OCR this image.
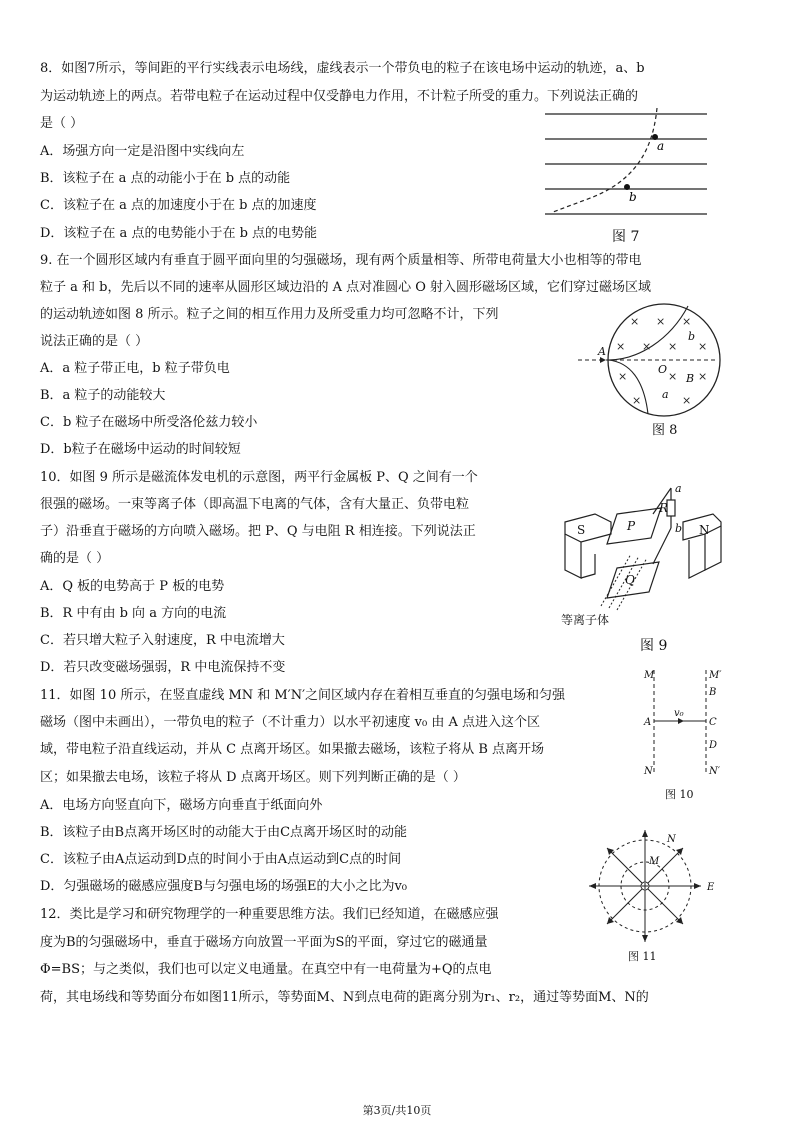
8．如图7所示，等间距的平行实线表示电场线，虚线表示一个带负电的粒子在该电场中运动的轨迹，a、b
为运动轨迹上的两点。若带电粒子在运动过程中仅受静电力作用，不计粒子所受的重力。下列说法正确的
是（ ）
A．场强方向一定是沿图中实线向左
B．该粒子在 a 点的动能小于在 b 点的动能
C．该粒子在 a 点的加速度小于在 b 点的加速度
D．该粒子在 a 点的电势能小于在 b 点的电势能
a
b
图 7
9. 在一个圆形区域内有垂直于圆平面向里的匀强磁场，现有两个质量相等、所带电荷量大小也相等的带电
粒子 a 和 b，先后以不同的速率从圆形区域边沿的 A 点对准圆心 O 射入圆形磁场区域，它们穿过磁场区域
的运动轨迹如图 8 所示。粒子之间的相互作用力及所受重力均可忽略不计，下列
说法正确的是（ ）
A．a 粒子带正电，b 粒子带负电
B．a 粒子的动能较大
C．b 粒子在磁场中所受洛伦兹力较小
D．b粒子在磁场中运动的时间较短
× × ×
× × × ×
×	× ×
×	×
A
O
B
b
a
图 8
10．如图 9 所示是磁流体发电机的示意图，两平行金属板 P、Q 之间有一个
很强的磁场。一束等离子体（即高温下电离的气体，含有大量正、负带电粒
子）沿垂直于磁场的方向喷入磁场。把 P、Q 与电阻 R 相连接。下列说法正
确的是（ ）
A．Q 板的电势高于 P 板的电势
B．R 中有由 b 向 a 方向的电流
C．若只增大粒子入射速度，R 中电流增大
D．若只改变磁场强弱，R 中电流保持不变
S	P	N
Q
R
a
b
等离子体
图 9
11．如图 10 所示，在竖直虚线 MN 和 M′N′之间区域内存在着相互垂直的匀强电场和匀强
磁场（图中未画出），一带负电的粒子（不计重力）以水平初速度 v₀ 由 A 点进入这个区
域，带电粒子沿直线运动，并从 C 点离开场区。如果撤去磁场，该粒子将从 B 点离开场
区；如果撤去电场，该粒子将从 D 点离开场区。则下列判断正确的是（ ）
A．电场方向竖直向下，磁场方向垂直于纸面向外
B．该粒子由B点离开场区时的动能大于由C点离开场区时的动能
C．该粒子由A点运动到D点的时间小于由A点运动到C点的时间
D．匀强磁场的磁感应强度B与匀强电场的场强E的大小之比为v₀
M
N
M′
N′
A
B
C
D
v₀
图 10
M
N
E
图 11
12．类比是学习和研究物理学的一种重要思维方法。我们已经知道，在磁感应强
度为B的匀强磁场中，垂直于磁场方向放置一平面为S的平面，穿过它的磁通量
Φ=BS；与之类似，我们也可以定义电通量。在真空中有一电荷量为+Q的点电
荷，其电场线和等势面分布如图11所示，等势面M、N到点电荷的距离分别为r₁、r₂，通过等势面M、N的
第3页/共10页
